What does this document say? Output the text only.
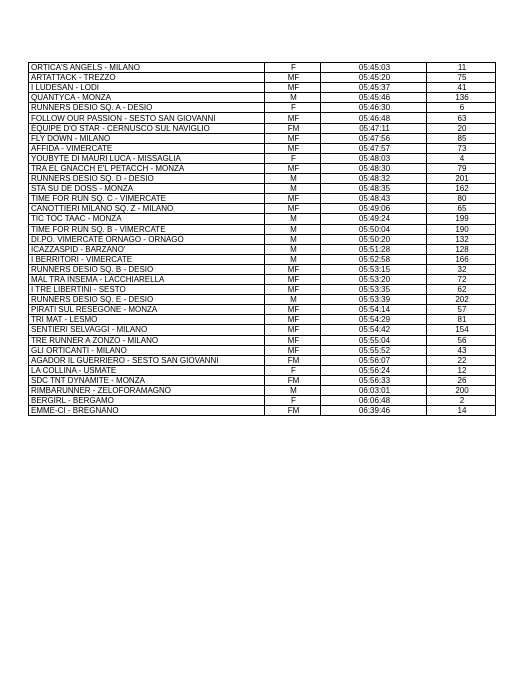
ORTICA'S ANGELS - MILANO	F	05:45:03	11
ARTATTACK - TREZZO	MF	05:45:20	75
I LUDESAN - LODI	MF	05:45:37	41
QUANTYCA - MONZA	M	05:45:46	136
RUNNERS DESIO SQ. A - DESIO	F	05:46:30	6
FOLLOW OUR PASSION - SESTO SAN GIOVANNI	MF	05:46:48	63
ÉQUIPE D'O STAR - CERNUSCO SUL NAVIGLIO	FM	05:47:11	20
FLY DOWN - MILANO	MF	05:47:56	85
AFFIDA - VIMERCATE	MF	05:47:57	73
YOUBYTE DI MAURI LUCA - MISSAGLIA	F	05:48:03	4
TRA EL GNACCH E'L PETACCH - MONZA	MF	05:48:30	79
RUNNERS DESIO SQ. D - DESIO	M	05:48:32	201
STA SU DE DOSS - MONZA	M	05:48:35	162
TIME FOR RUN SQ. C - VIMERCATE	MF	05:48:43	80
CANOTTIERI MILANO SQ. Z - MILANO	MF	05:49:06	65
TIC TOC TAAC - MONZA	M	05:49:24	199
TIME FOR RUN SQ. B - VIMERCATE	M	05:50:04	190
DI.PO. VIMERCATE ORNAGO - ORNAGO	M	05:50:20	132
ICAZZASPID - BARZANO'	M	05:51:28	128
I BERRITORI - VIMERCATE	M	05:52:58	166
RUNNERS DESIO SQ. B - DESIO	MF	05:53:15	32
MAL TRA INSEMA - LACCHIARELLA	MF	05:53:20	72
I TRE LIBERTINI - SESTO	MF	05:53:35	62
RUNNERS DESIO SQ. E - DESIO	M	05:53:39	202
PIRATI SUL RESEGONE - MONZA	MF	05:54:14	57
TRI MAT - LESMO	MF	05:54:29	81
SENTIERI SELVAGGI - MILANO	MF	05:54:42	154
TRE RUNNER A ZONZO - MILANO	MF	05:55:04	56
GLI ORTICANTI - MILANO	MF	05:55:52	43
AGADOR IL GUERRIERO - SESTO SAN GIOVANNI	FM	05:56:07	22
LA COLLINA - USMATE	F	05:56:24	12
SDC TNT DYNAMITE - MONZA	FM	05:56:33	26
RIMBARUNNER - ZELOFORAMAGNO	M	06:03:01	200
BERGIRL - BERGAMO	F	06:06:48	2
EMME-CI - BREGNANO	FM	06:39:46	14
